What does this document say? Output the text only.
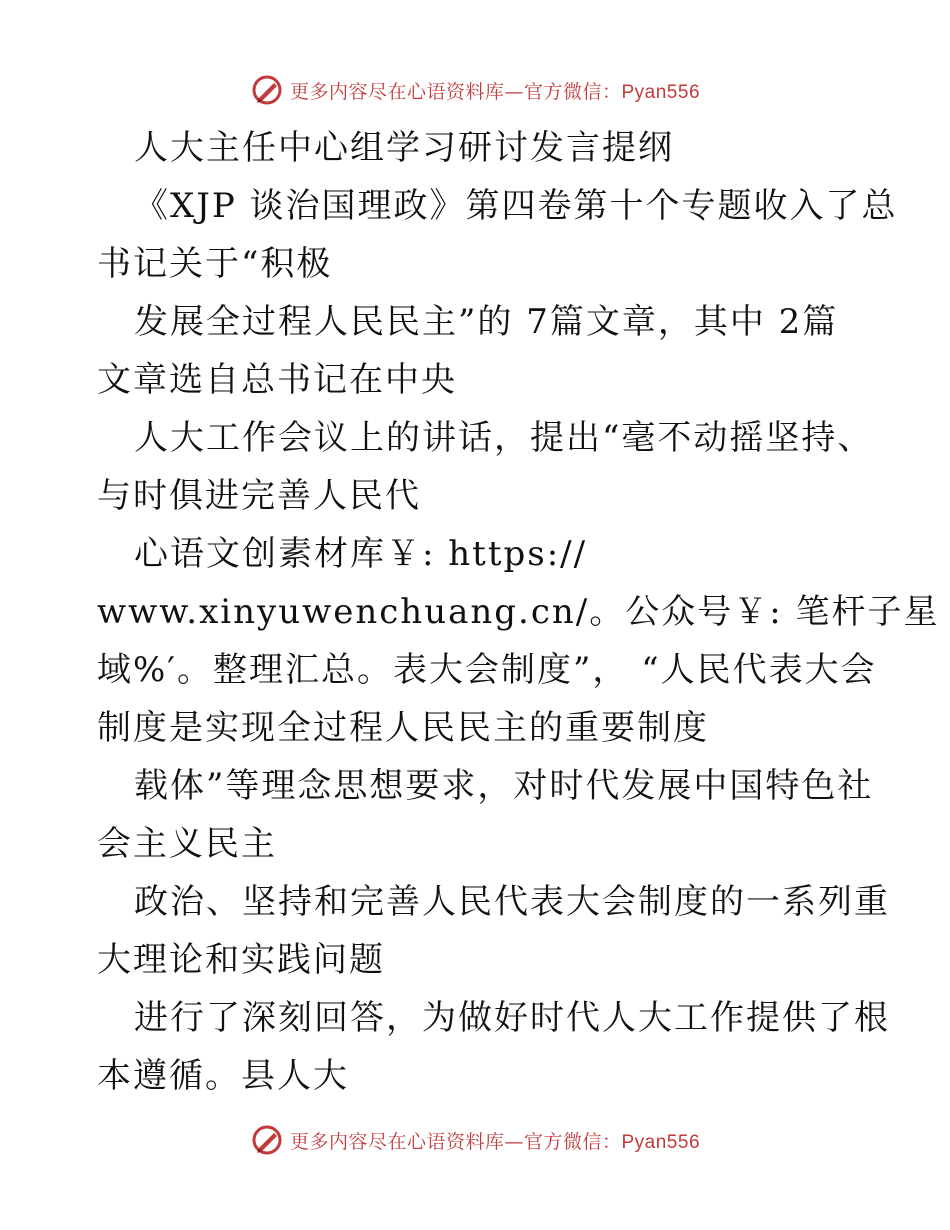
更多内容尽在心语资料库—官方微信：Pyan556
人大主任中心组学习研讨发言提纲
《XJP 谈治国理政》第四卷第十个专题收入了总
书记关于“积极
发展全过程人民民主”的 7篇文章，其中 2篇
文章选自总书记在中央
人大工作会议上的讲话，提出“毫不动摇坚持、
与时俱进完善人民代
心语文创素材库￥: https://
www.xinyuwenchuang.cn/。公众号￥: 笔杆子星
域%′。整理汇总。表大会制度”， “人民代表大会
制度是实现全过程人民民主的重要制度
载体”等理念思想要求，对时代发展中国特色社
会主义民主
政治、坚持和完善人民代表大会制度的一系列重
大理论和实践问题
进行了深刻回答，为做好时代人大工作提供了根
本遵循。县人大
更多内容尽在心语资料库—官方微信：Pyan556
